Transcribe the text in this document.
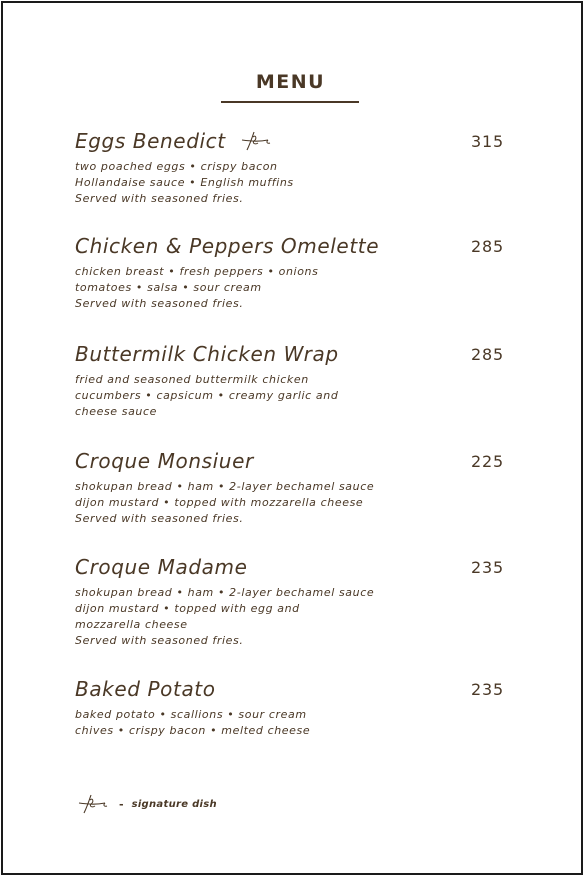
MENU
Eggs Benedict	315
two poached eggs • crispy bacon
Hollandaise sauce • English muffins
Served with seasoned fries.
Chicken & Peppers Omelette	285
chicken breast • fresh peppers • onions
tomatoes • salsa • sour cream
Served with seasoned fries.
Buttermilk Chicken Wrap	285
fried and seasoned buttermilk chicken
cucumbers • capsicum • creamy garlic and
cheese sauce
Croque Monsiuer	225
shokupan bread • ham • 2-layer bechamel sauce
dijon mustard • topped with mozzarella cheese
Served with seasoned fries.
Croque Madame	235
shokupan bread • ham • 2-layer bechamel sauce
dijon mustard • topped with egg and
mozzarella cheese
Served with seasoned fries.
Baked Potato	235
baked potato • scallions • sour cream
chives • crispy bacon • melted cheese
- signature dish
